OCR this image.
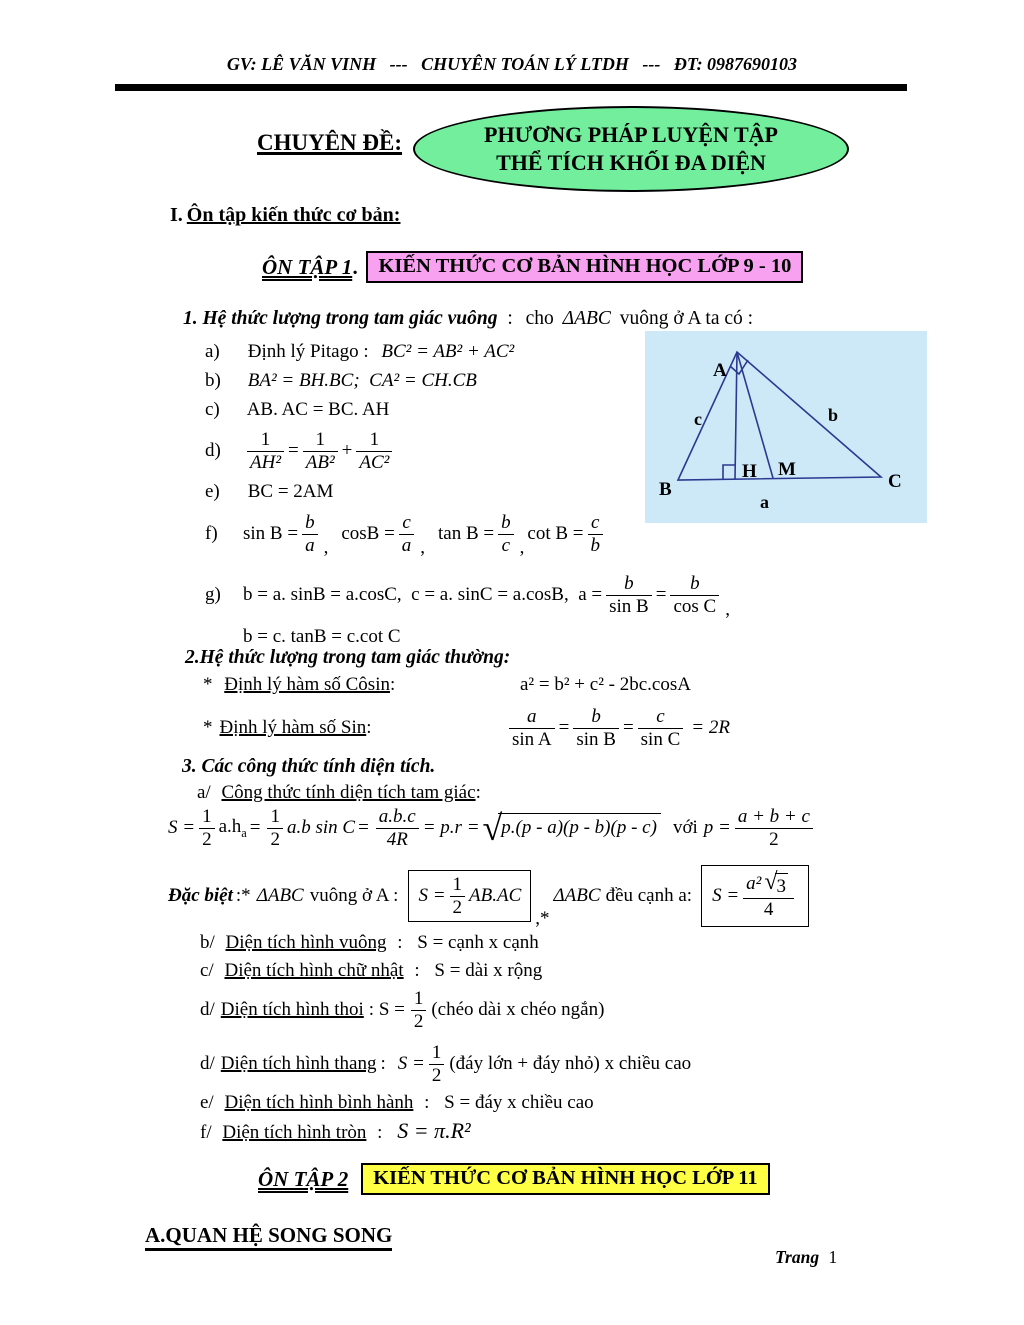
GV: LÊ VĂN VINH   ---   CHUYÊN TOÁN LÝ LTDH   ---   ĐT: 0987690103
CHUYÊN ĐỀ:	PHƯƠNG PHÁP LUYỆN TẬP
THỂ TÍCH KHỐI ĐA DIỆN
I. Ôn tập kiến thức cơ bản:
ÔN TẬP 1 . KIẾN THỨC CƠ BẢN HÌNH HỌC LỚP 9 - 10
1. Hệ thức lượng trong tam giác vuông : cho ΔABC vuông ở A ta có :
a) Định lý Pitago : BC² = AB² + AC²
b) BA² = BH.BC;  CA² = CH.CB
c) AB. AC = BC. AH
d)	$\frac{1}{\text{AH²}} = \frac{1}{\text{AB²}} + \frac{1}{\text{AC²}}$
e) BC = 2AM
f)	$\sin B = \frac{b}{a}$ ,
$\cos B = \frac{c}{a}$ ,
$\tan B = \frac{b}{c}$ ,
$\cot B = \frac{c}{b}$
g)	b = a. sinB = a.cosC,  c = a. sinC = a.cosB,  $a = \frac{b}{\text{sin B}} = \frac{b}{\text{cos C}}$ ,
b = c. tanB = c.cot C
A
B	C
H M
a
b
c
2.Hệ thức lượng trong tam giác thường:
* Định lý hàm số Côsin:	a² = b² + c² - 2bc.cosA
* Định lý hàm số Sin :	$\frac{a}{\text{sin A}} = \frac{b}{\text{sin B}} = \frac{c}{\text{sin C}} = 2R$
3. Các công thức tính diện tích.
a/ Công thức tính diện tích tam giác:
$S = \frac{1}{2} a.h_a = \frac{1}{2} a.b$ $\sin C = \frac{a.b.c}{4R} = p.r$ = √ p.(p - a)(p - b)(p - c) với $p = \frac{a + b + c}{2}$
Đặc biệt :* ΔABC vuông ở A : $S = \frac{1}{2} AB.AC$
,*
ΔABC đều cạnh a: $S = \frac{\text{a² √ 3}}{4}$
b/ Diện tích hình vuông : S = cạnh x cạnh
c/ Diện tích hình chữ nhật : S = dài x rộng
d/ Diện tích hình thoi : $S = \frac{1}{2}$ (chéo dài x chéo ngắn)
d/ Diện tích hình thang : $S = \frac{1}{2}$ (đáy lớn + đáy nhỏ) x chiều cao
e/ Diện tích hình bình hành : S = đáy x chiều cao
f/ Diện tích hình tròn : S = π.R²
ÔN TẬP 2	KIẾN THỨC CƠ BẢN HÌNH HỌC LỚP 11
A.QUAN HỆ SONG SONG
Trang 1
